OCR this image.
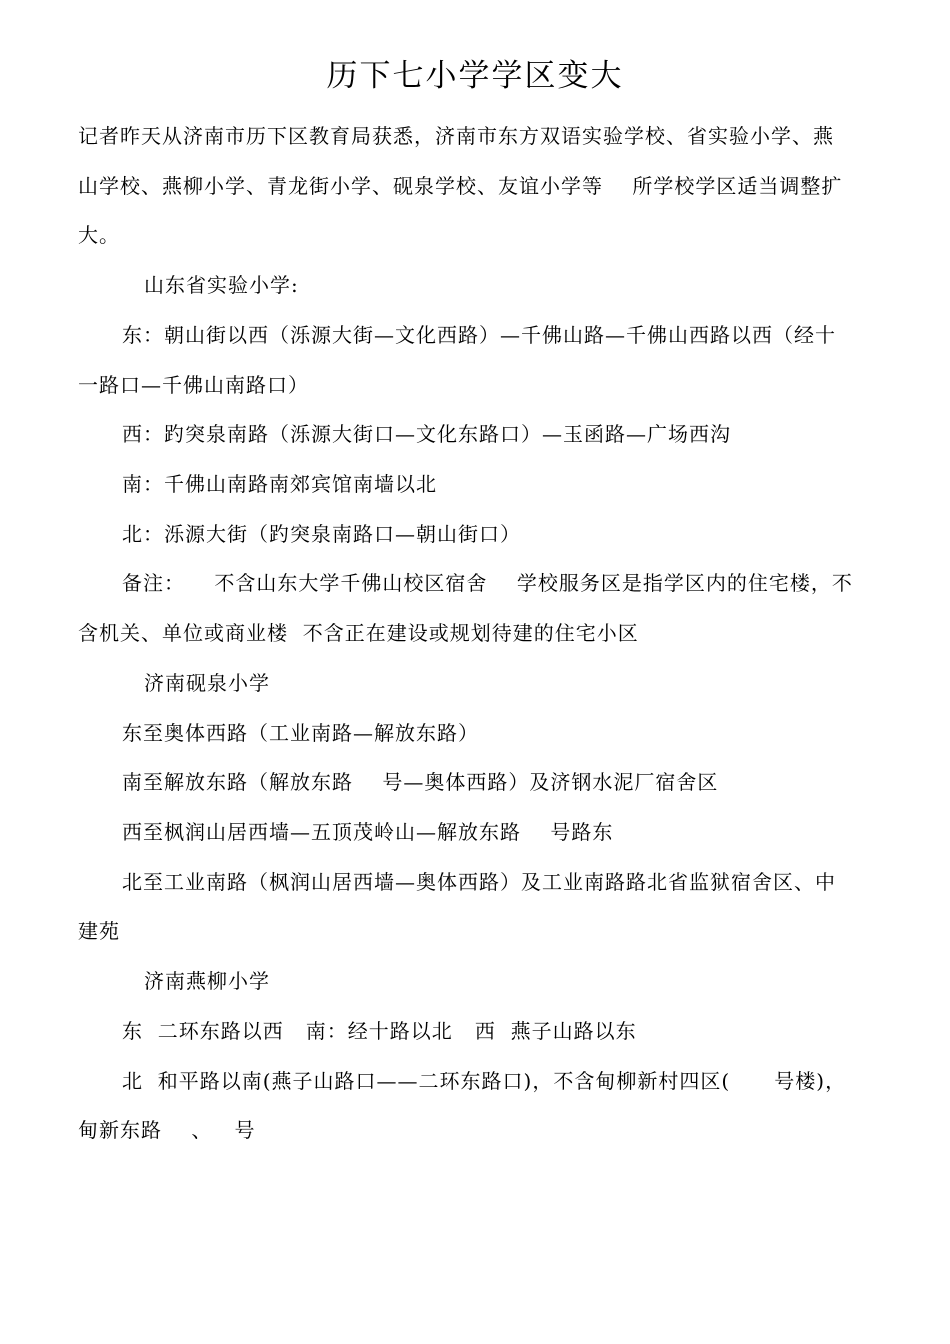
历下七小学学区变大
记者昨天从济南市历下区教育局获悉，济南市东方双语实验学校、省实验小学、燕
山学校、燕柳小学、青龙街小学、砚泉学校、友谊小学等    所学校学区适当调整扩
大。
山东省实验小学:
东：朝山街以西（泺源大街—文化西路）—千佛山路—千佛山西路以西（经十
一路口—千佛山南路口）
西：趵突泉南路（泺源大街口—文化东路口）—玉函路—广场西沟
南：千佛山南路南郊宾馆南墙以北
北：泺源大街（趵突泉南路口—朝山街口）
备注：    不含山东大学千佛山校区宿舍    学校服务区是指学区内的住宅楼，不
含机关、单位或商业楼  不含正在建设或规划待建的住宅小区
济南砚泉小学
东至奥体西路（工业南路—解放东路）
南至解放东路（解放东路    号—奥体西路）及济钢水泥厂宿舍区
西至枫润山居西墙—五顶茂岭山—解放东路    号路东
北至工业南路（枫润山居西墙—奥体西路）及工业南路路北省监狱宿舍区、中
建苑
济南燕柳小学
东  二环东路以西   南：经十路以北   西  燕子山路以东
北  和平路以南(燕子山路口——二环东路口)，不含甸柳新村四区(      号楼)，
甸新东路    、   号
